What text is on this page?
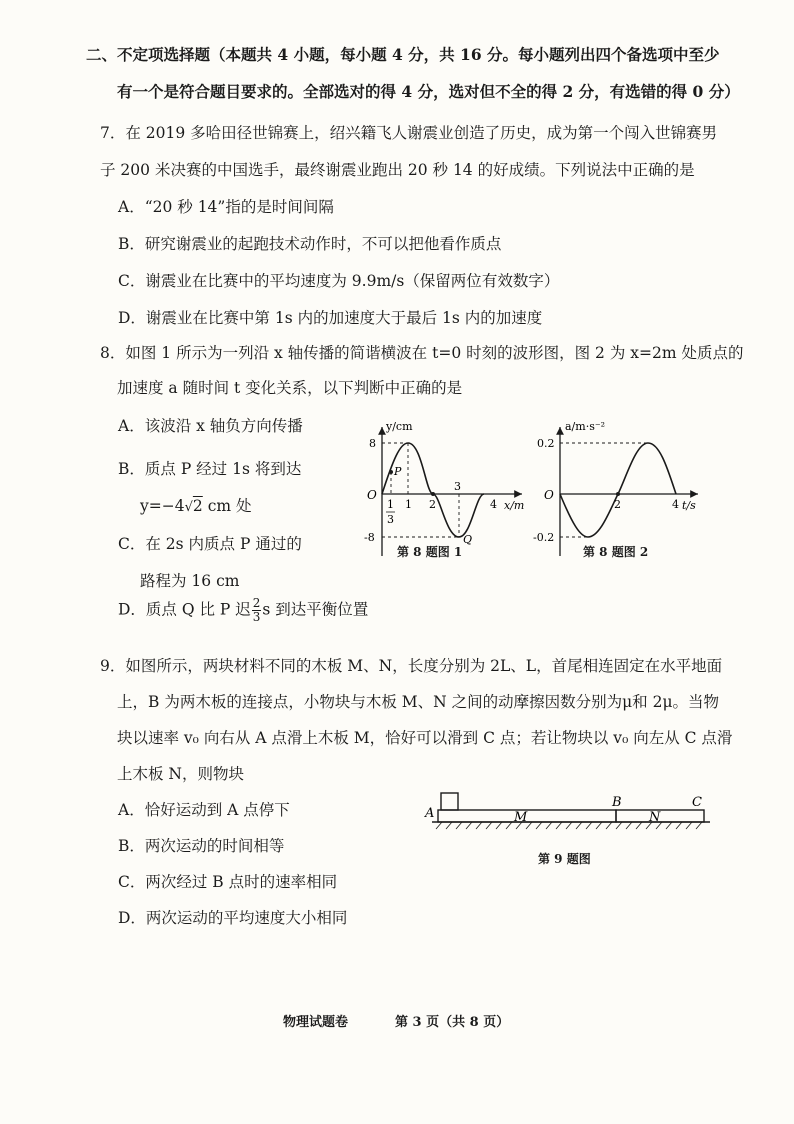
二、不定项选择题（本题共 4 小题，每小题 4 分，共 16 分。每小题列出四个备选项中至少
有一个是符合题目要求的。全部选对的得 4 分，选对但不全的得 2 分，有选错的得 0 分）
7．在 2019 多哈田径世锦赛上，绍兴籍飞人谢震业创造了历史，成为第一个闯入世锦赛男
子 200 米决赛的中国选手，最终谢震业跑出 20 秒 14 的好成绩。下列说法中正确的是
A．“20 秒 14”指的是时间间隔
B．研究谢震业的起跑技术动作时，不可以把他看作质点
C．谢震业在比赛中的平均速度为 9.9m/s（保留两位有效数字）
D．谢震业在比赛中第 1s 内的加速度大于最后 1s 内的加速度
8．如图 1 所示为一列沿 x 轴传播的简谐横波在 t=0 时刻的波形图，图 2 为 x=2m 处质点的
加速度 a 随时间 t 变化关系，以下判断中正确的是
A．该波沿 x 轴负方向传播
B．质点 P 经过 1s 将到达
y=−4√2 cm 处
C．在 2s 内质点 P 通过的
路程为 16 cm
D．质点 Q 比 P 迟 $\frac{2}{3}$ s 到达平衡位置
y/cm
x/m
O
8
-8
1
3
1 2
3
4
P
Q
第 8 题图 1
a/m·s⁻²
t/s
O
0.2
-0.2
2	4
第 8 题图 2
9．如图所示，两块材料不同的木板 M、N，长度分别为 2L、L，首尾相连固定在水平地面
上，B 为两木板的连接点，小物块与木板 M、N 之间的动摩擦因数分别为μ和 2μ。当物
块以速率 v₀ 向右从 A 点滑上木板 M，恰好可以滑到 C 点；若让物块以 v₀ 向左从 C 点滑
上木板 N，则物块
A．恰好运动到 A 点停下
B．两次运动的时间相等
C．两次经过 B 点时的速率相同
D．两次运动的平均速度大小相同
A
B	C
M	N
第 9 题图
物理试题卷	第 3 页（共 8 页）
